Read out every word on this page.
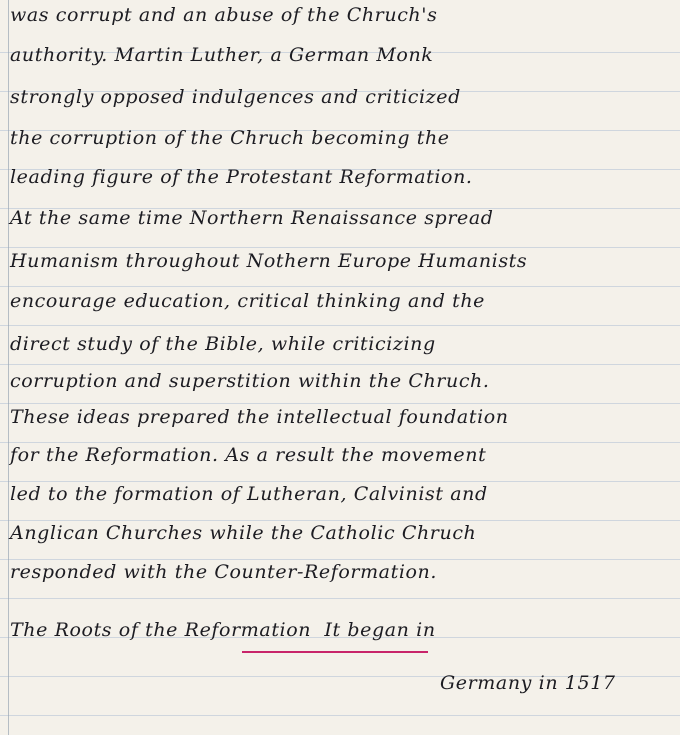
was corrupt and an abuse of the Chruch's
authority. Martin Luther, a German Monk
strongly opposed indulgences and criticized
the corruption of the Chruch becoming the
leading figure of the Protestant Reformation.
At the same time Northern Renaissance spread
Humanism throughout Nothern Europe Humanists
encourage education, critical thinking and the
direct study of the Bible, while criticizing
corruption and superstition within the Chruch.
These ideas prepared the intellectual foundation
for the Reformation. As a result the movement
led to the formation of Lutheran, Calvinist and
Anglican Churches while the Catholic Chruch
responded with the Counter-Reformation.
The Roots of the Reformation  It began in
Germany in 1517
